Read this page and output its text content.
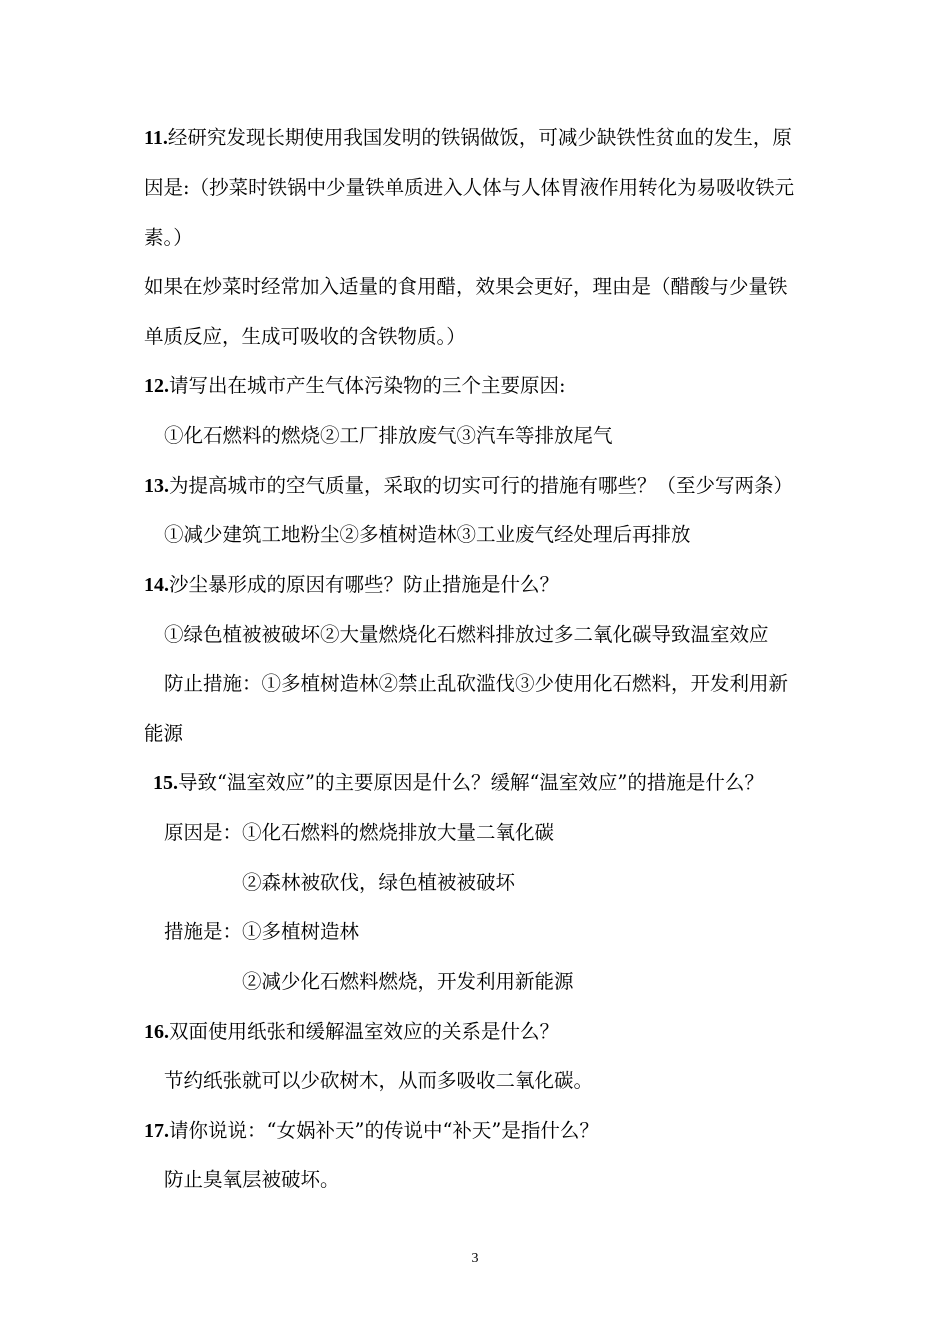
11.经研究发现长期使用我国发明的铁锅做饭，可减少缺铁性贫血的发生，原
因是:（抄菜时铁锅中少量铁单质进入人体与人体胃液作用转化为易吸收铁元
素。）
如果在炒菜时经常加入适量的食用醋，效果会更好，理由是（醋酸与少量铁
单质反应，生成可吸收的含铁物质。）
12.请写出在城市产生气体污染物的三个主要原因:
①化石燃料的燃烧②工厂排放废气③汽车等排放尾气
13.为提高城市的空气质量，采取的切实可行的措施有哪些？（至少写两条）
①减少建筑工地粉尘②多植树造林③工业废气经处理后再排放
14.沙尘暴形成的原因有哪些？防止措施是什么？
①绿色植被被破坏②大量燃烧化石燃料排放过多二氧化碳导致温室效应
防止措施：①多植树造林②禁止乱砍滥伐③少使用化石燃料，开发利用新
能源
15.导致“温室效应”的主要原因是什么？缓解“温室效应”的措施是什么？
原因是：①化石燃料的燃烧排放大量二氧化碳
②森林被砍伐，绿色植被被破坏
措施是：①多植树造林
②减少化石燃料燃烧，开发利用新能源
16.双面使用纸张和缓解温室效应的关系是什么？
节约纸张就可以少砍树木，从而多吸收二氧化碳。
17.请你说说：“女娲补天”的传说中“补天”是指什么？
防止臭氧层被破坏。
3
